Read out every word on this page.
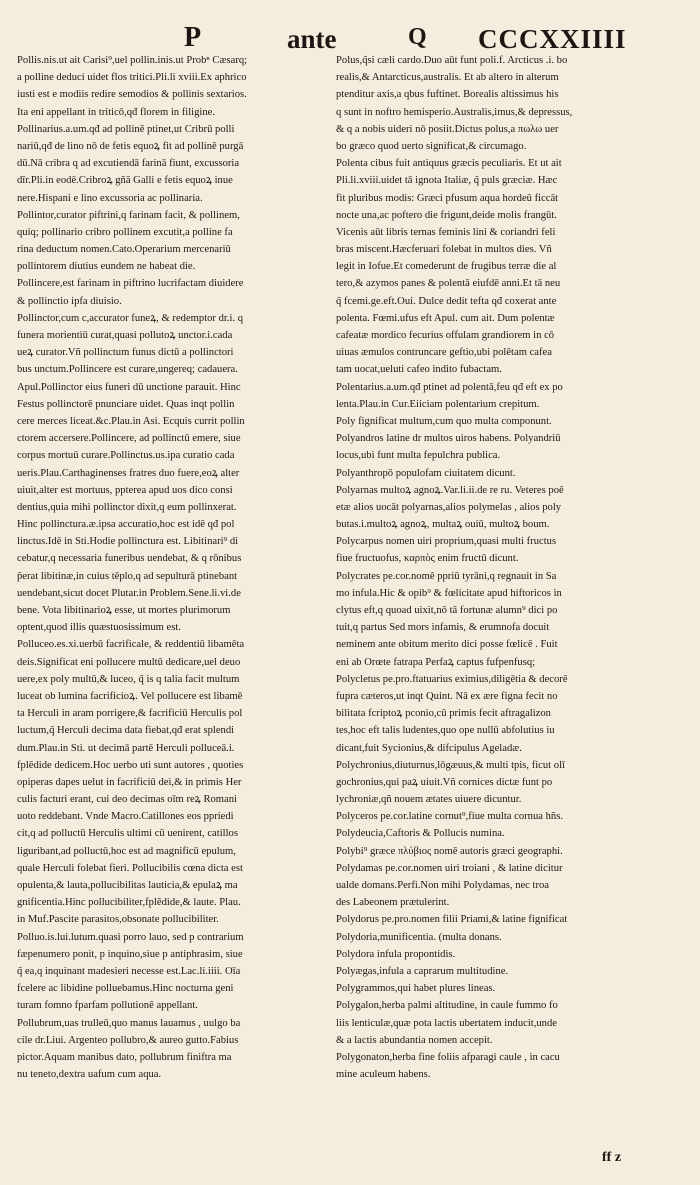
P	ante	Q CCCXXIIII
Pollis.nis.ut ait Carisi⁹,uel pollin.inis.ut Probⁿ Cæsarq;
a polline deduci uidet flos tritici.Pli.li xviii.Ex aphrico
iusti est e modiis redire semodios & pollinis sextarios.
Ita eni appellant in triticō,qđ florem in filigine.
Pollinarius.a.um.qđ ad pollinē ptinet,ut Cribrū polli
nariū,qđ de lino nō de fetis equoꝝ fit ad pollinē purgā
dū.Nā cribra q ad excutiendā farinā fiunt, excussoria
dīr.Pli.in eodē.Cribroꝝ gñā Galli e fetis equoꝝ inue
nere.Hispani e lino excussoria ac pollinaria.
Pollintor,curator piftrini,q farinam facit, & pollinem,
quiq; pollinario cribro pollinem excutit,a polline fa
rina deductum nomen.Cato.Operarium mercenariū
pollintorem diutius eundem ne habeat die.
Pollincere,est farinam in piftrino lucrifactam diuidere
& pollinctio ipfa diuisio.
Pollinctor,cum c,accurator funeꝝ, & redemptor dr.i. q
funera morientiū curat,quasi pollutoꝝ unctor.i.cada
ueꝝ curator.Vñ pollinctum funus dictū a pollinctori
bus unctum.Pollincere est curare,ungereq; cadauera.
Apul.Pollinctor eius funeri dū unctione parauit. Hinc
Festus pollinctorē pnunciare uidet. Quas inqt pollin
cere merces liceat.&c.Plau.in Asi. Ecquis currit pollin
ctorem accersere.Pollincere, ad pollinctū emere, siue
corpus mortuū curare.Pollinctus.us.ipa curatio cada
ueris.Plau.Carthaginenses fratres duo fuere,eoꝝ alter
uiuit,alter est mortuus, ppterea apud uos dico consi
dentius,quia mihi pollinctor dixit,q eum pollinxerat.
Hinc pollinctura.æ.ipsa accuratio,hoc est idē qđ pol
linctus.Idē in Sti.Hodie pollinctura est. Libitinari⁹ di
cebatur,q necessaria funeribus uendebat, & q rōnibus
p̃erat libitinæ,in cuius tēplo,q ad sepulturā ptinebant
uendebant,sicut docet Plutar.in Problem.Sene.li.vi.de
bene. Vota libitinarioꝝ esse, ut mortes plurimorum
optent,quod illis quæstuosissimum est.
Polluceo.es.xi.uerbū facrificale, & reddentiū libamēta
deis.Significat eni pollucere multū dedicare,uel deuo
uere,ex poly multū,& luceo, q̃ is q talia facit multum
luceat ob lumina facrificioꝝ. Vel pollucere est libamē
ta Herculi in aram porrigere,& facrificiū Herculis pol
luctum,q̃ Herculi decima data fiebat,qđ erat splendi
dum.Plau.in Sti. ut decimā partē Herculi polluceā.i.
fplēdide dedicem.Hoc uerbo uti sunt autores , quoties
opiperas dapes uelut in facrificiū dei,& in primis Her
culis facturi erant, cui deo decimas oīm reꝝ Romani
uoto reddebant. Vnde Macro.Catillones eos ppriedi
cit,q ad polluctū Herculis ultimi cū uenirent, catillos
liguribant,ad polluctū,hoc est ad magnificū epulum,
quale Herculi folebat fieri. Pollucibilis cœna dicta est
opulenta,& lauta,pollucibilitas lauticia,& epulaꝝ ma
gnificentia.Hinc pollucibiliter,fplēdide,& laute. Plau.
in Muf.Pascite parasitos,obsonate pollucibiliter.
Polluo.is.lui.lutum.quasi porro lauo, sed p contrarium
fæpenumero ponit, p inquino,siue p antiphrasim, siue
q̃ ea,q inquinant madesieri necesse est.Lac.li.iiii. Oīa
fcelere ac libidine polluebamus.Hinc nocturna geni
turam fomno fparfam pollutionē appellant.
Pollubrum,uas trulleū,quo manus lauamus , uulgo ba
cile dr.Liui. Argenteo pollubro,& aureo gutto.Fabius
pictor.Aquam manibus dato, pollubrum finiftra ma
nu teneto,dextra uafum cum aqua.
Polus,q̃si cæli cardo.Duo aūt funt poli.f. Arcticus .i. bo
realis,& Antarcticus,australis. Et ab altero in alterum
ptenditur axis,a qbus fuftinet. Borealis altissimus his
q sunt in noftro hemisperio.Australis,imus,& depressus,
& q a nobis uideri nō posiit.Dictus polus,a πωλω uer
bo græco quod uerto significat,& circumago.
Polenta cibus fuit antiquus græcis peculiaris. Et ut ait
Pli.li.xviii.uidet tā ignota Italiæ, q̃ puls græciæ. Hæc
fit pluribus modis: Græci pfusum aqua hordeū ficcāt
nocte una,ac poftero die frigunt,deide molis frangūt.
Vicenis aūt libris ternas feminis lini & coriandri feli
bras miscent.Hæcferuari folebat in multos dies. Vñ
legit in Iofue.Et comederunt de frugibus terræ die al
tero,& azymos panes & polentā eiufdē anni.Et tā neu
q̃ fcemi.ge.eft.Oui. Dulce dedit tefta qđ coxerat ante
polenta. Fœmi.ufus eft Apul. cum ait. Dum polentæ
cafeatæ mordico fecurius offulam grandiorem in cō
uiuas æmulos contruncare geftio,ubi polētam cafea
tam uocat,ueluti cafeo indito fubactam.
Polentarius.a.um.qđ ptinet ad polentā,feu qđ eft ex po
lenta.Plau.in Cur.Eiiciam polentarium crepitum.
Poly fignificat multum,cum quo multa componunt.
Polyandros latine dr multos uiros habens. Polyandriū
locus,ubi funt multa fepulchra publica.
Polyanthropō populofam ciuitatem dicunt.
Polyarnas multoꝝ agnoꝝ.Var.li.ii.de re ru. Veteres poē
etæ alios uocāt polyarnas,alios polymelas , alios poly
butas.i.multoꝝ agnoꝝ, multaꝝ ouiū, multoꝝ boum.
Polycarpus nomen uiri proprium,quasi multi fructus
fiue fructuofus, καρπὸς enim fructū dicunt.
Polycrates pe.cor.nomē ppriū tyrāni,q regnauit in Sa
mo infula.Hic & opib⁹ & fœlicitate apud hiftoricos in
clytus eft,q quoad uixit,nō tā fortunæ alumn⁹ dici po
tuit,q partus Sed mors infamis, & erumnofa docuit
neminem ante obitum merito dici posse fœlicē . Fuit
eni ab Orœte fatrapa Perfaꝝ captus fufpenfusq;
Polycletus pe.pro.ftatuarius eximius,diligētia & decorē
fupra cæteros,ut inqt Quint. Nā ex ære figna fecit no
bilitata fcriptoꝝ pconio,cū primis fecit aftragalizon
tes,hoc eft talis ludentes,quo ope nullū abfolutius iu
dicant,fuit Sycionius,& difcipulus Ageladæ.
Polychronius,diuturnus,lōgæuus,& multi tpis, ficut olī
gochronius,qui paꝝ uiuit.Vñ cornices dictæ funt po
lychroniæ,qñ nouem ætates uiuere dicuntur.
Polyceros pe.cor.latine cornut⁹,fiue multa cornua hñs.
Polydeucia,Caftoris & Pollucis numina.
Polybi⁹ græce πλύβιος nomē autoris græci geographi.
Polydamas pe.cor.nomen uiri troiani , & latine dicitur
ualde domans.Perfi.Non mihi Polydamas, nec troa
des Labeonem prætulerint.
Polydorus pe.pro.nomen filii Priami,& latine fignificat
Polydoria,munificentia. (multa donans.
Polydora infula propontidis.
Polyægas,infula a caprarum multitudine.
Polygrammos,qui habet plures lineas.
Polygalon,herba palmi altitudine, in caule fummo fo
liis lenticulæ,quæ pota lactis ubertatem inducit,unde
& a lactis abundantia nomen accepit.
Polygonaton,herba fine foliis afparagi caule , in cacu
mine aculeum habens.
ff z
